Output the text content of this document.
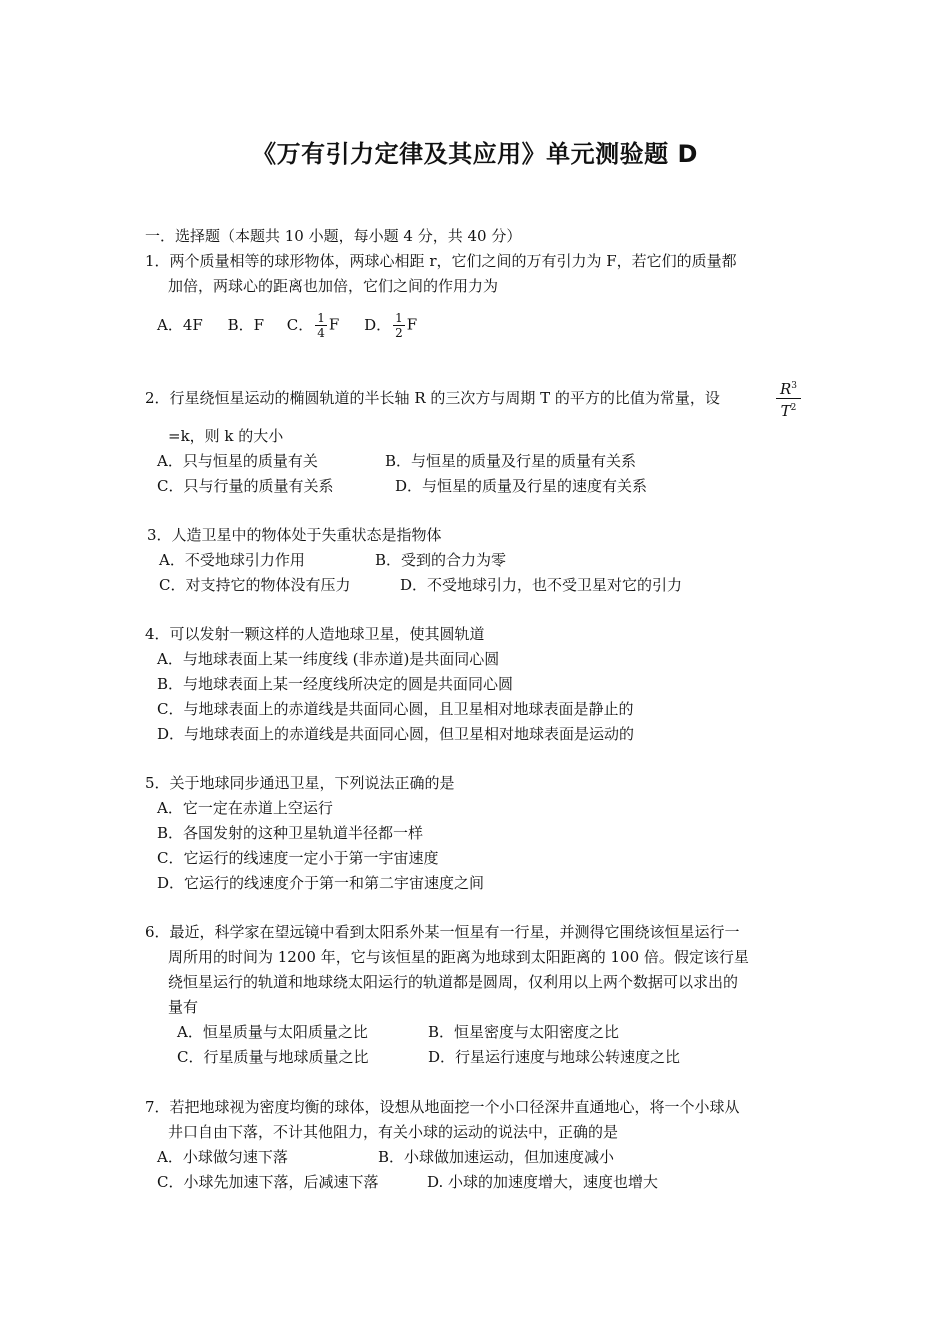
《万有引力定律及其应用》单元测验题 D
一．选择题（本题共 10 小题，每小题 4 分，共 40 分）
1．两个质量相等的球形物体，两球心相距 r，它们之间的万有引力为 F，若它们的质量都
加倍，两球心的距离也加倍，它们之间的作用力为
A．4F B．F C． $\frac{1}{4}$ F D． $\frac{1}{2}$ F
2．行星绕恒星运动的椭圆轨道的半长轴 R 的三次方与周期 T 的平方的比值为常量，设	$\frac{R^3}{T^2}$
=k，则 k 的大小
A．只与恒星的质量有关	B．与恒星的质量及行星的质量有关系
C．只与行量的质量有关系	D．与恒星的质量及行星的速度有关系
3．人造卫星中的物体处于失重状态是指物体
A．不受地球引力作用	B．受到的合力为零
C．对支持它的物体没有压力	D．不受地球引力，也不受卫星对它的引力
4．可以发射一颗这样的人造地球卫星，使其圆轨道
A．与地球表面上某一纬度线 (非赤道)是共面同心圆
B．与地球表面上某一经度线所决定的圆是共面同心圆
C．与地球表面上的赤道线是共面同心圆，且卫星相对地球表面是静止的
D．与地球表面上的赤道线是共面同心圆，但卫星相对地球表面是运动的
5．关于地球同步通迅卫星，下列说法正确的是
A．它一定在赤道上空运行
B．各国发射的这种卫星轨道半径都一样
C．它运行的线速度一定小于第一宇宙速度
D．它运行的线速度介于第一和第二宇宙速度之间
6．最近，科学家在望远镜中看到太阳系外某一恒星有一行星，并测得它围绕该恒星运行一
周所用的时间为 1200 年，它与该恒星的距离为地球到太阳距离的 100 倍。假定该行星
绕恒星运行的轨道和地球绕太阳运行的轨道都是圆周，仅利用以上两个数据可以求出的
量有
A．恒星质量与太阳质量之比	B．恒星密度与太阳密度之比
C．行星质量与地球质量之比	D．行星运行速度与地球公转速度之比
7．若把地球视为密度均衡的球体，设想从地面挖一个小口径深井直通地心，将一个小球从
井口自由下落，不计其他阻力，有关小球的运动的说法中，正确的是
A．小球做匀速下落	B．小球做加速运动，但加速度减小
C．小球先加速下落，后减速下落	D. 小球的加速度增大，速度也增大
